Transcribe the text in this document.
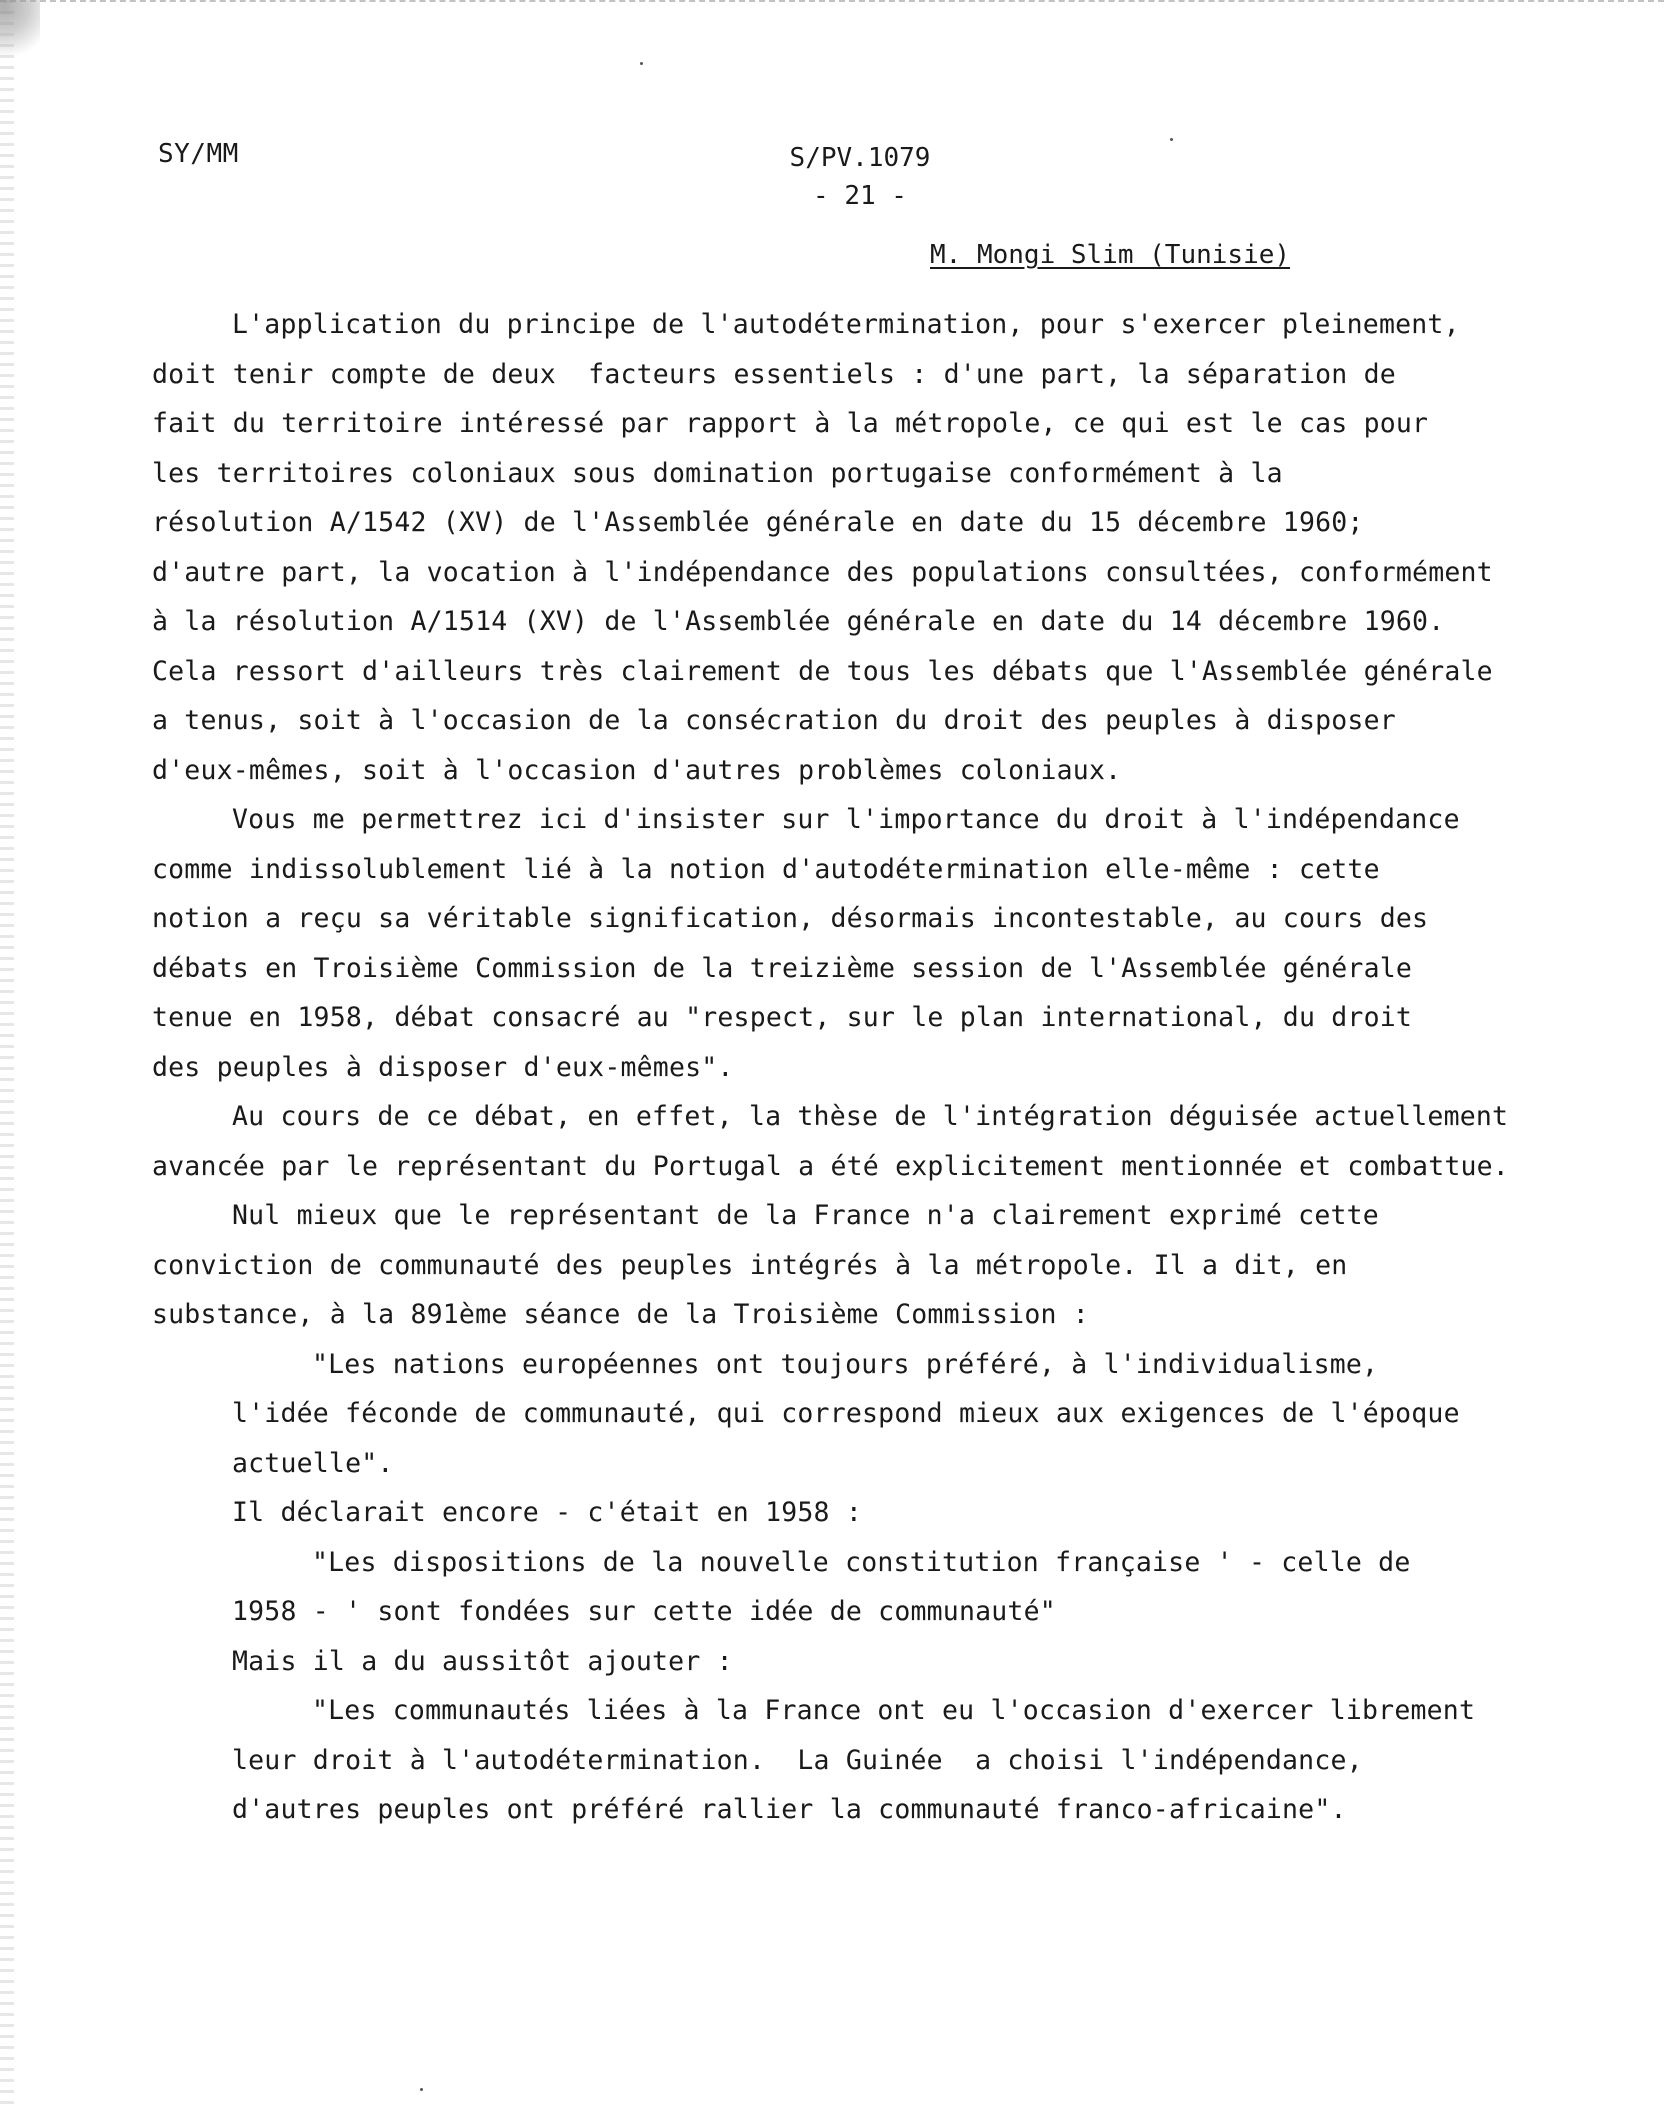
SY/MM	S/PV.1079
- 21 -
M. Mongi Slim (Tunisie)
L'application du principe de l'autodétermination, pour s'exercer pleinement,
doit tenir compte de deux  facteurs essentiels : d'une part, la séparation de
fait du territoire intéressé par rapport à la métropole, ce qui est le cas pour
les territoires coloniaux sous domination portugaise conformément à la
résolution A/1542 (XV) de l'Assemblée générale en date du 15 décembre 1960;
d'autre part, la vocation à l'indépendance des populations consultées, conformément
à la résolution A/1514 (XV) de l'Assemblée générale en date du 14 décembre 1960.
Cela ressort d'ailleurs très clairement de tous les débats que l'Assemblée générale
a tenus, soit à l'occasion de la consécration du droit des peuples à disposer
d'eux-mêmes, soit à l'occasion d'autres problèmes coloniaux.
Vous me permettrez ici d'insister sur l'importance du droit à l'indépendance
comme indissolublement lié à la notion d'autodétermination elle-même : cette
notion a reçu sa véritable signification, désormais incontestable, au cours des
débats en Troisième Commission de la treizième session de l'Assemblée générale
tenue en 1958, débat consacré au "respect, sur le plan international, du droit
des peuples à disposer d'eux-mêmes".
Au cours de ce débat, en effet, la thèse de l'intégration déguisée actuellement
avancée par le représentant du Portugal a été explicitement mentionnée et combattue.
Nul mieux que le représentant de la France n'a clairement exprimé cette
conviction de communauté des peuples intégrés à la métropole. Il a dit, en
substance, à la 891ème séance de la Troisième Commission :
"Les nations européennes ont toujours préféré, à l'individualisme,
l'idée féconde de communauté, qui correspond mieux aux exigences de l'époque
actuelle".
Il déclarait encore - c'était en 1958 :
"Les dispositions de la nouvelle constitution française ' - celle de
1958 - ' sont fondées sur cette idée de communauté"
Mais il a du aussitôt ajouter :
"Les communautés liées à la France ont eu l'occasion d'exercer librement
leur droit à l'autodétermination.  La Guinée  a choisi l'indépendance,
d'autres peuples ont préféré rallier la communauté franco-africaine".
